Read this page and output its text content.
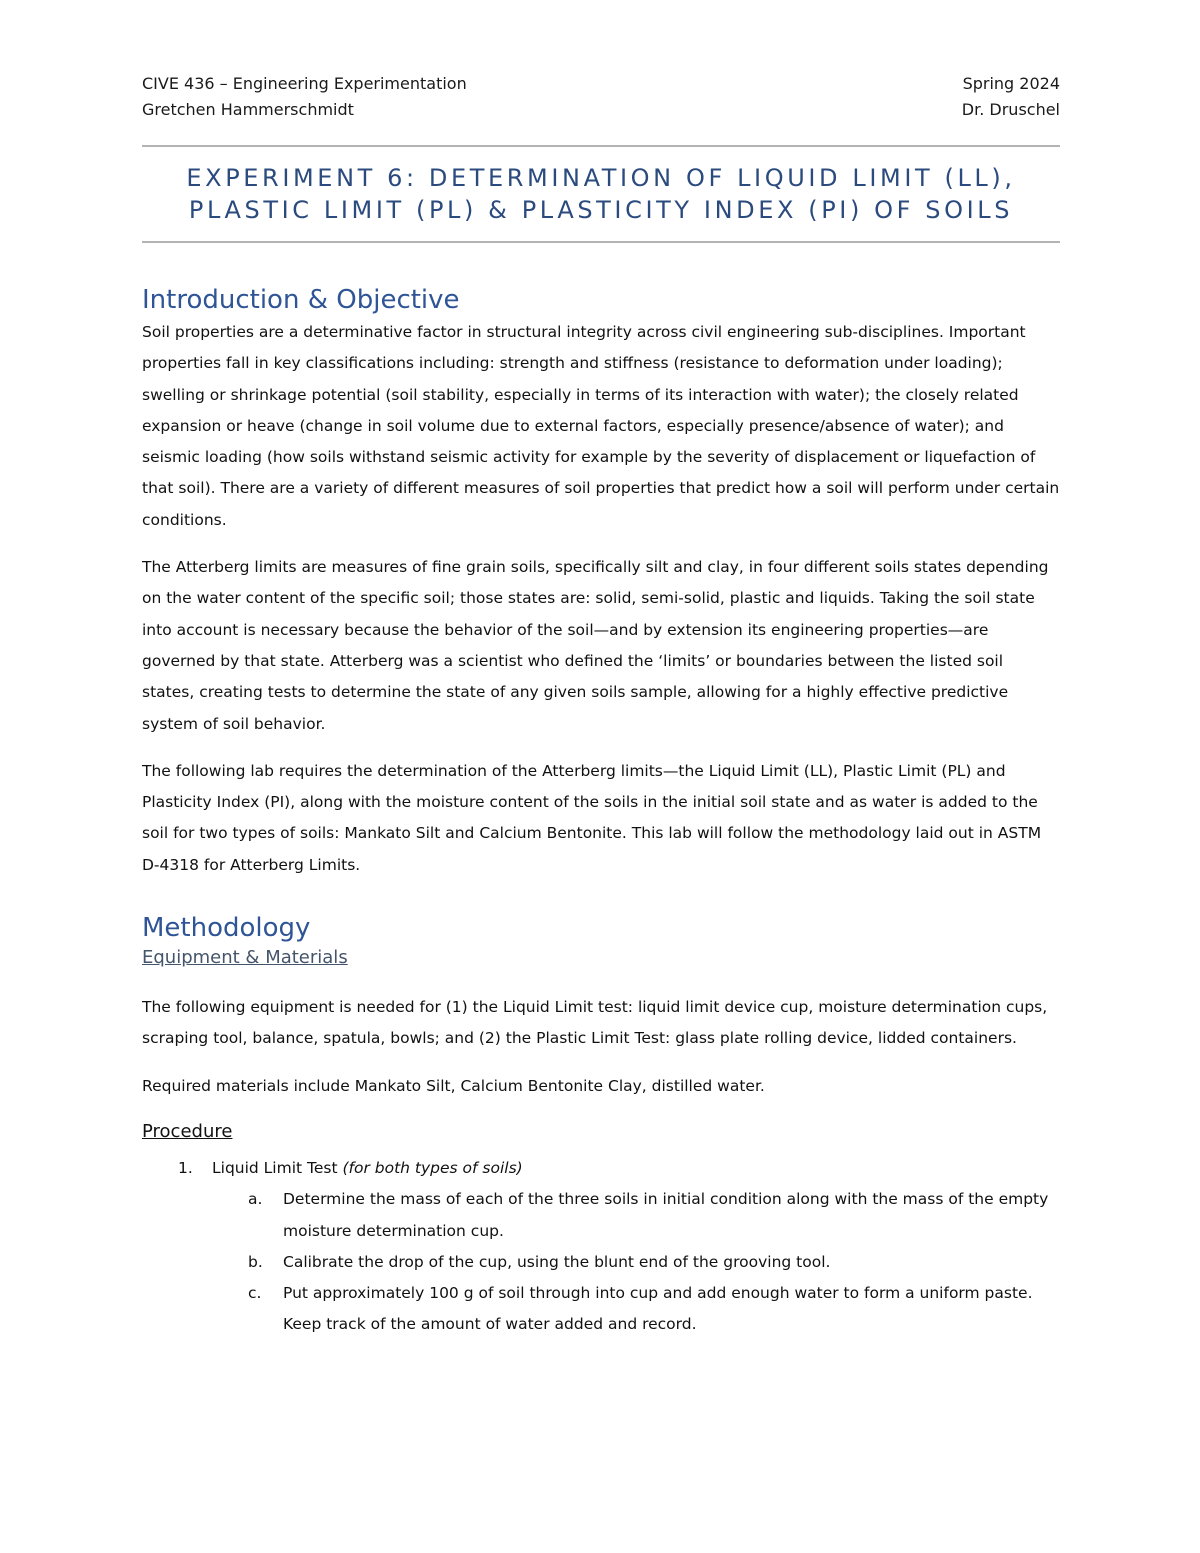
CIVE 436 – Engineering Experimentation	Spring 2024
Gretchen Hammerschmidt	Dr. Druschel
EXPERIMENT 6: DETERMINATION OF LIQUID LIMIT (LL),
PLASTIC LIMIT (PL) & PLASTICITY INDEX (PI) OF SOILS
Introduction & Objective

Soil properties are a determinative factor in structural integrity across civil engineering sub-disciplines. Important properties fall in key classifications including: strength and stiffness (resistance to deformation under loading); swelling or shrinkage potential (soil stability, especially in terms of its interaction with water); the closely related expansion or heave (change in soil volume due to external factors, especially presence/absence of water); and seismic loading (how soils withstand seismic activity for example by the severity of displacement or liquefaction of that soil). There are a variety of different measures of soil properties that predict how a soil will perform under certain conditions.

The Atterberg limits are measures of fine grain soils, specifically silt and clay, in four different soils states depending on the water content of the specific soil; those states are: solid, semi-solid, plastic and liquids. Taking the soil state into account is necessary because the behavior of the soil—and by extension its engineering properties—are governed by that state. Atterberg was a scientist who defined the ‘limits’ or boundaries between the listed soil states, creating tests to determine the state of any given soils sample, allowing for a highly effective predictive system of soil behavior.

The following lab requires the determination of the Atterberg limits—the Liquid Limit (LL), Plastic Limit (PL) and Plasticity Index (PI), along with the moisture content of the soils in the initial soil state and as water is added to the soil for two types of soils: Mankato Silt and Calcium Bentonite. This lab will follow the methodology laid out in ASTM D-4318 for Atterberg Limits.

Methodology
Equipment & Materials

The following equipment is needed for (1) the Liquid Limit test: liquid limit device cup, moisture determination cups, scraping tool, balance, spatula, bowls; and (2) the Plastic Limit Test: glass plate rolling device, lidded containers.

Required materials include Mankato Silt, Calcium Bentonite Clay, distilled water.

Procedure
1. Liquid Limit Test (for both types of soils)
a. Determine the mass of each of the three soils in initial condition along with the mass of the empty moisture determination cup.
b. Calibrate the drop of the cup, using the blunt end of the grooving tool.
c. Put approximately 100 g of soil through into cup and add enough water to form a uniform paste. Keep track of the amount of water added and record.
